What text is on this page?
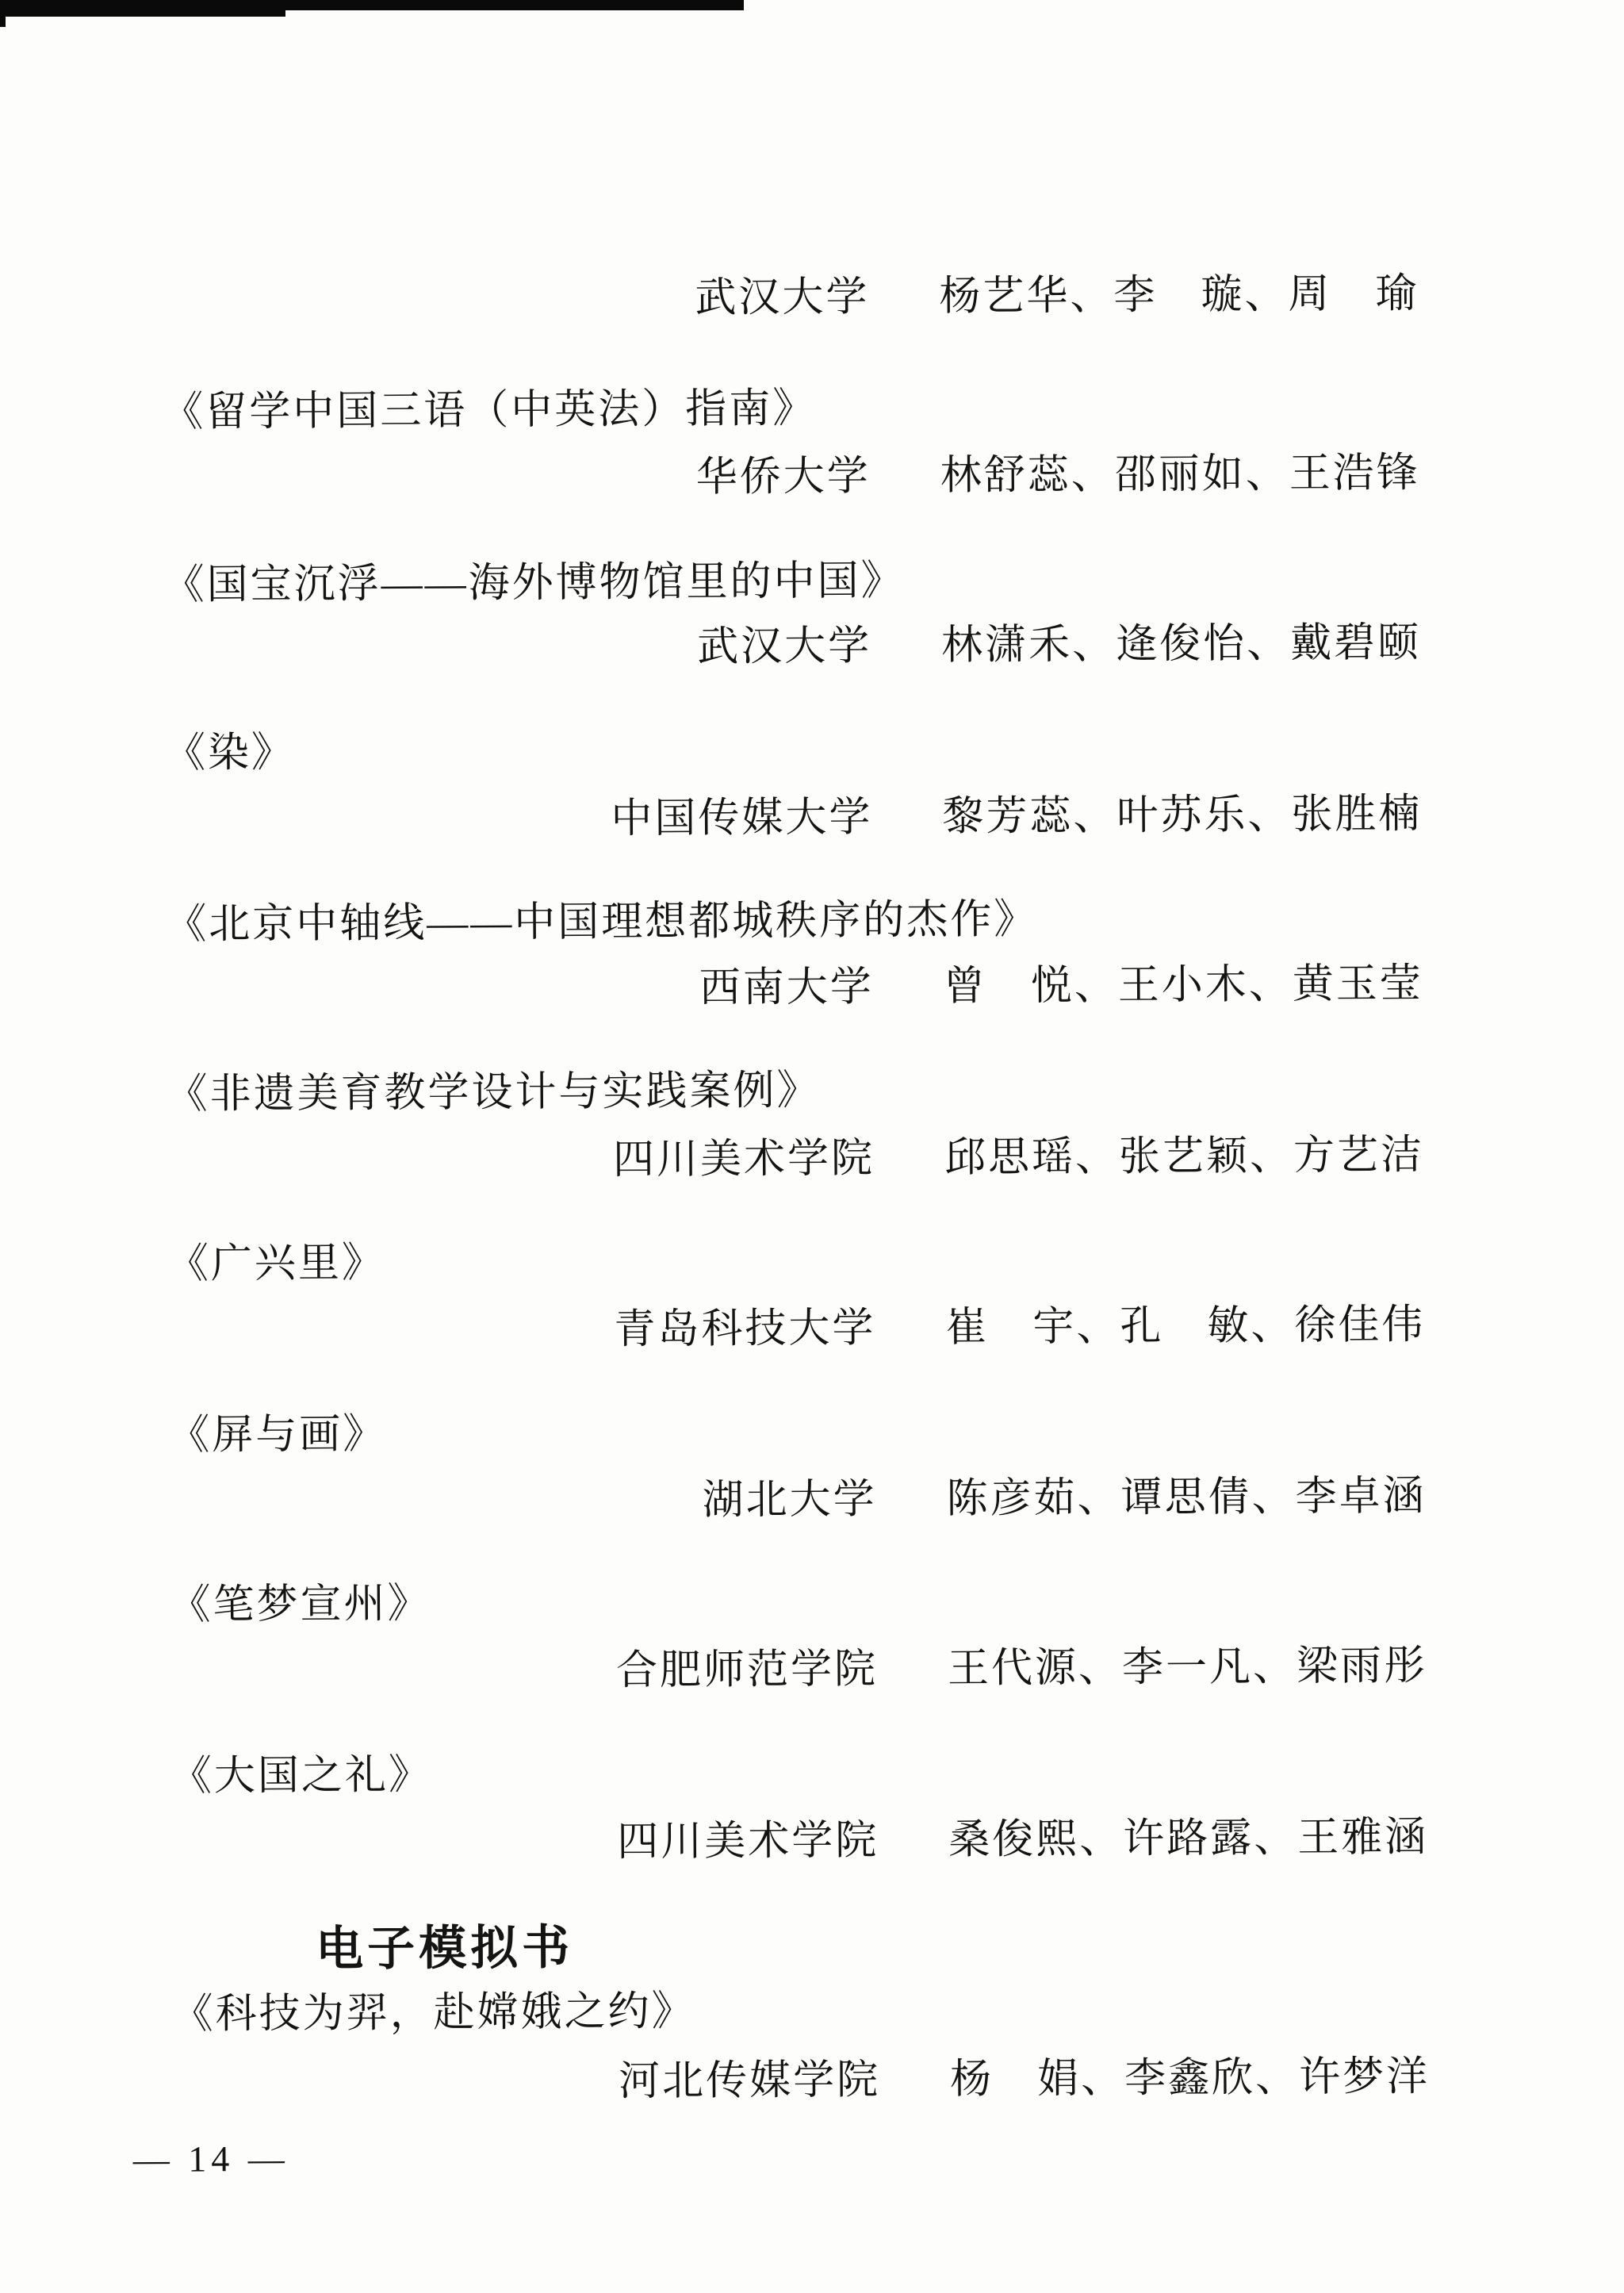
武汉大学 杨艺华、李　璇、周　瑜
《留学中国三语（中英法）指南》
华侨大学 林舒蕊、邵丽如、王浩锋
《国宝沉浮——海外博物馆里的中国》
武汉大学 林潇禾、逄俊怡、戴碧颐
《染》
中国传媒大学 黎芳蕊、叶苏乐、张胜楠
《北京中轴线——中国理想都城秩序的杰作》
西南大学 曾　悦、王小木、黄玉莹
《非遗美育教学设计与实践案例》
四川美术学院 邱思瑶、张艺颖、方艺洁
《广兴里》
青岛科技大学 崔　宇、孔　敏、徐佳伟
《屏与画》
湖北大学 陈彦茹、谭思倩、李卓涵
《笔梦宣州》
合肥师范学院 王代源、李一凡、梁雨彤
《大国之礼》
四川美术学院 桑俊熙、许路露、王雅涵
电子模拟书
《科技为羿，赴嫦娥之约》
河北传媒学院 杨　娟、李鑫欣、许梦洋
— 14 —
